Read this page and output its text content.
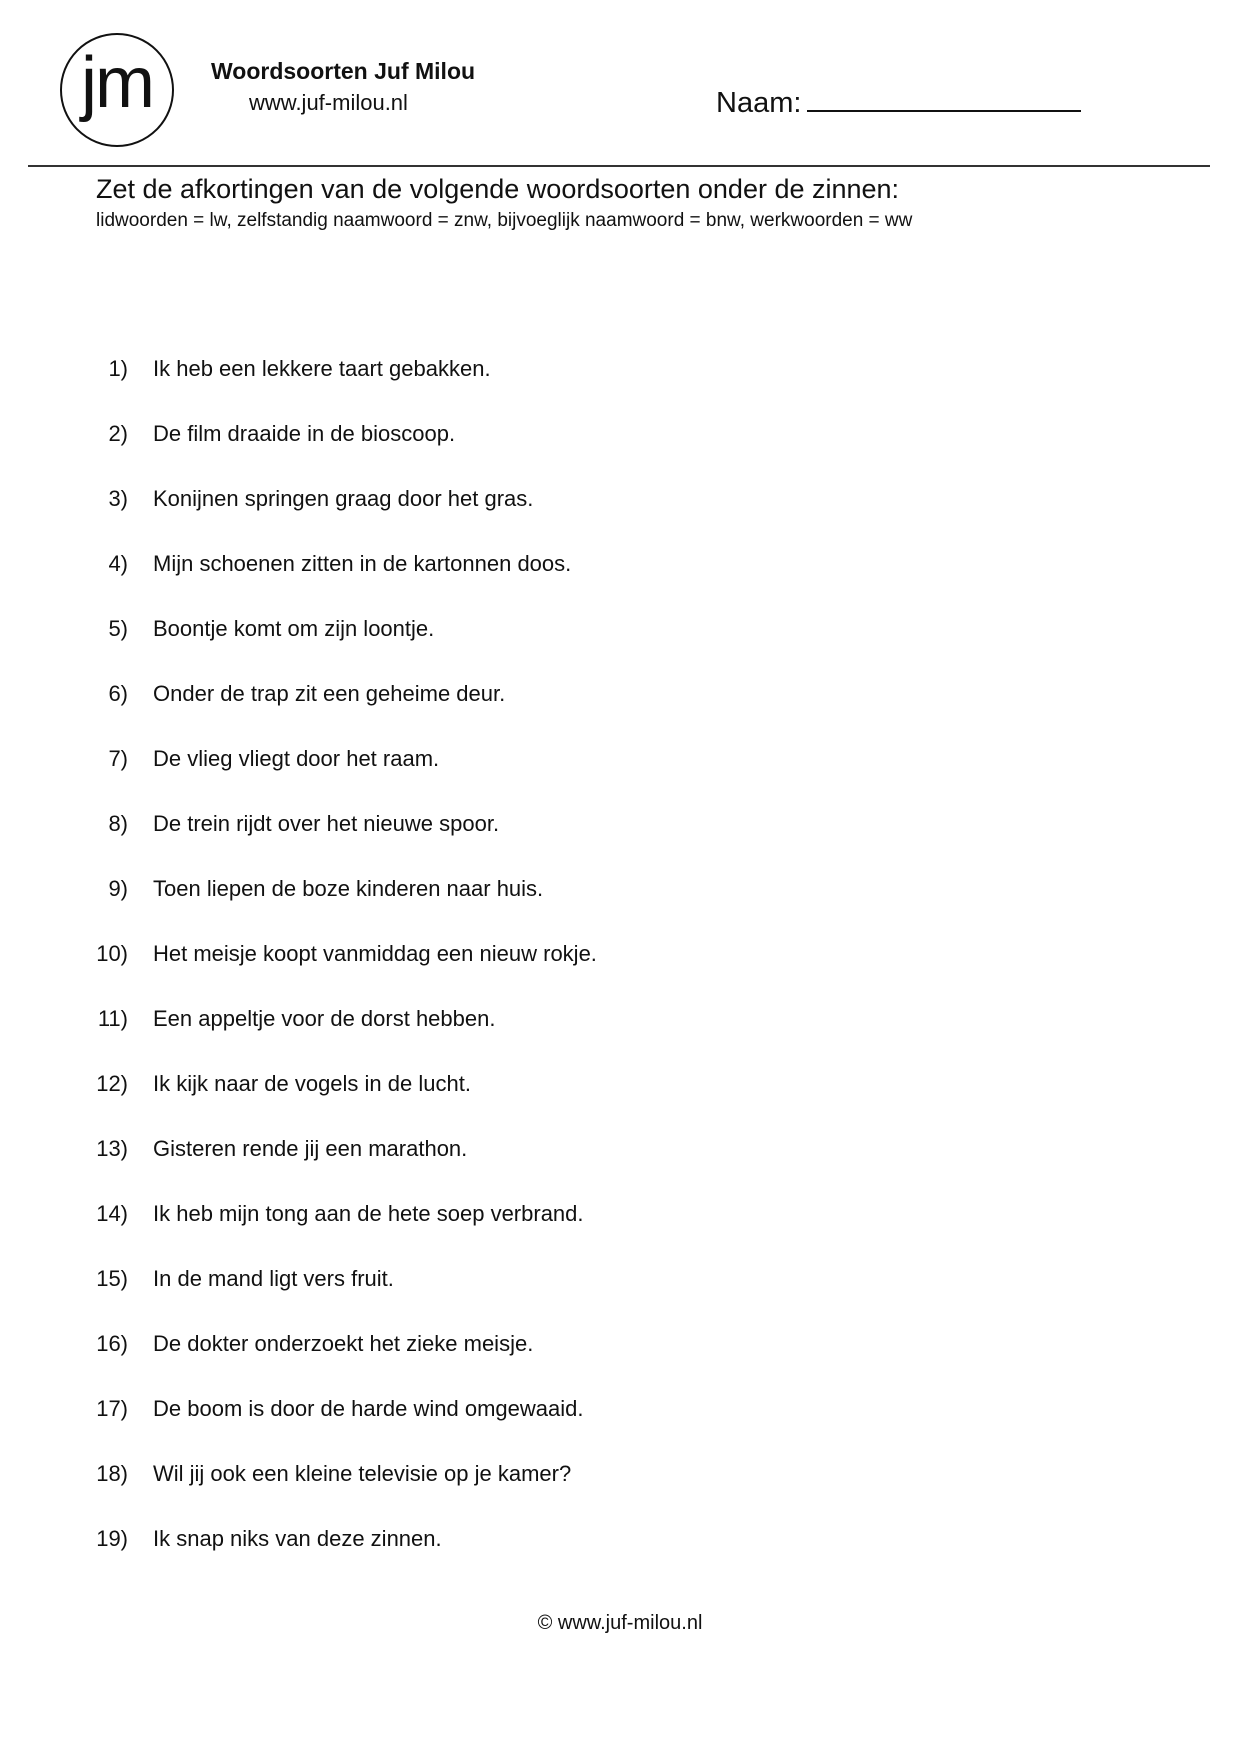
jm	Woordsoorten Juf Milou
www.juf-milou.nl	Naam:
Zet de afkortingen van de volgende woordsoorten onder de zinnen:
lidwoorden = lw, zelfstandig naamwoord = znw, bijvoeglijk naamwoord = bnw, werkwoorden = ww
1) Ik heb een lekkere taart gebakken.
2) De film draaide in de bioscoop.
3) Konijnen springen graag door het gras.
4) Mijn schoenen zitten in de kartonnen doos.
5) Boontje komt om zijn loontje.
6) Onder de trap zit een geheime deur.
7) De vlieg vliegt door het raam.
8) De trein rijdt over het nieuwe spoor.
9) Toen liepen de boze kinderen naar huis.
10) Het meisje koopt vanmiddag een nieuw rokje.
11) Een appeltje voor de dorst hebben.
12) Ik kijk naar de vogels in de lucht.
13) Gisteren rende jij een marathon.
14) Ik heb mijn tong aan de hete soep verbrand.
15) In de mand ligt vers fruit.
16) De dokter onderzoekt het zieke meisje.
17) De boom is door de harde wind omgewaaid.
18) Wil jij ook een kleine televisie op je kamer?
19) Ik snap niks van deze zinnen.
© www.juf-milou.nl
